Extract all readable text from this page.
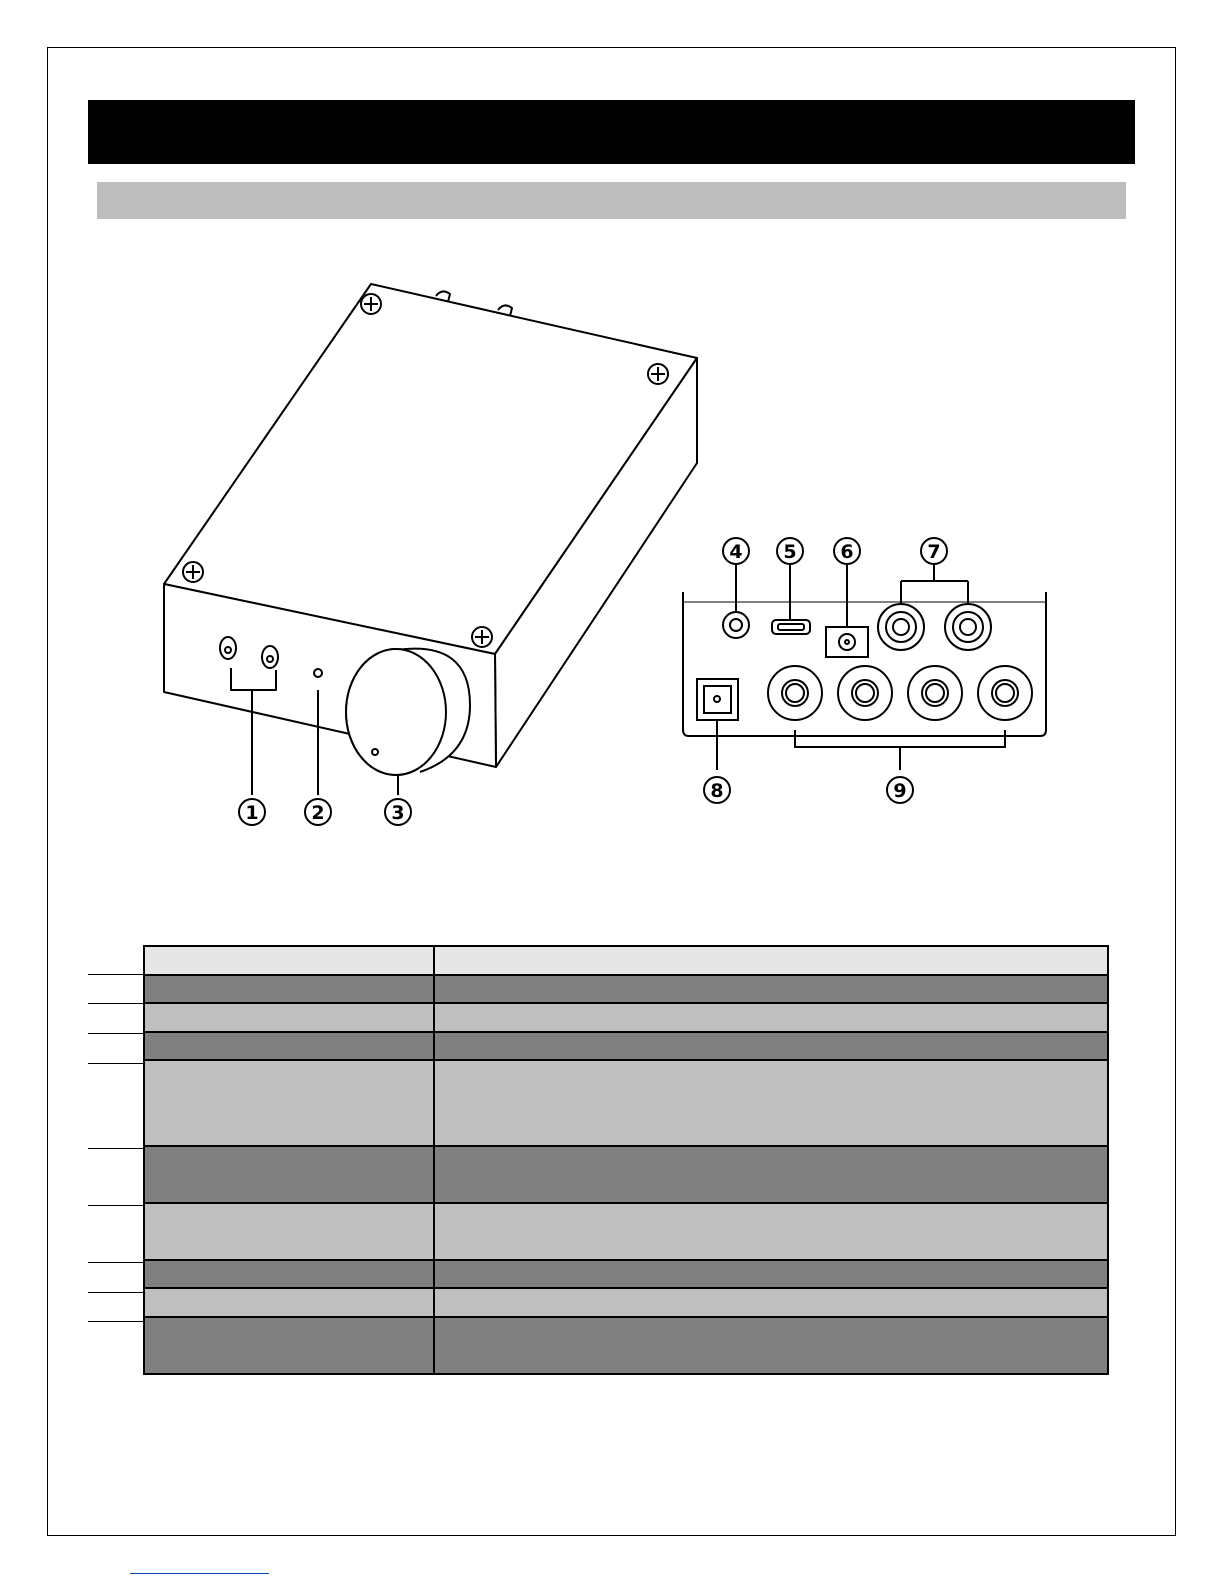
1	2	3
4 5 6	7
8	9
